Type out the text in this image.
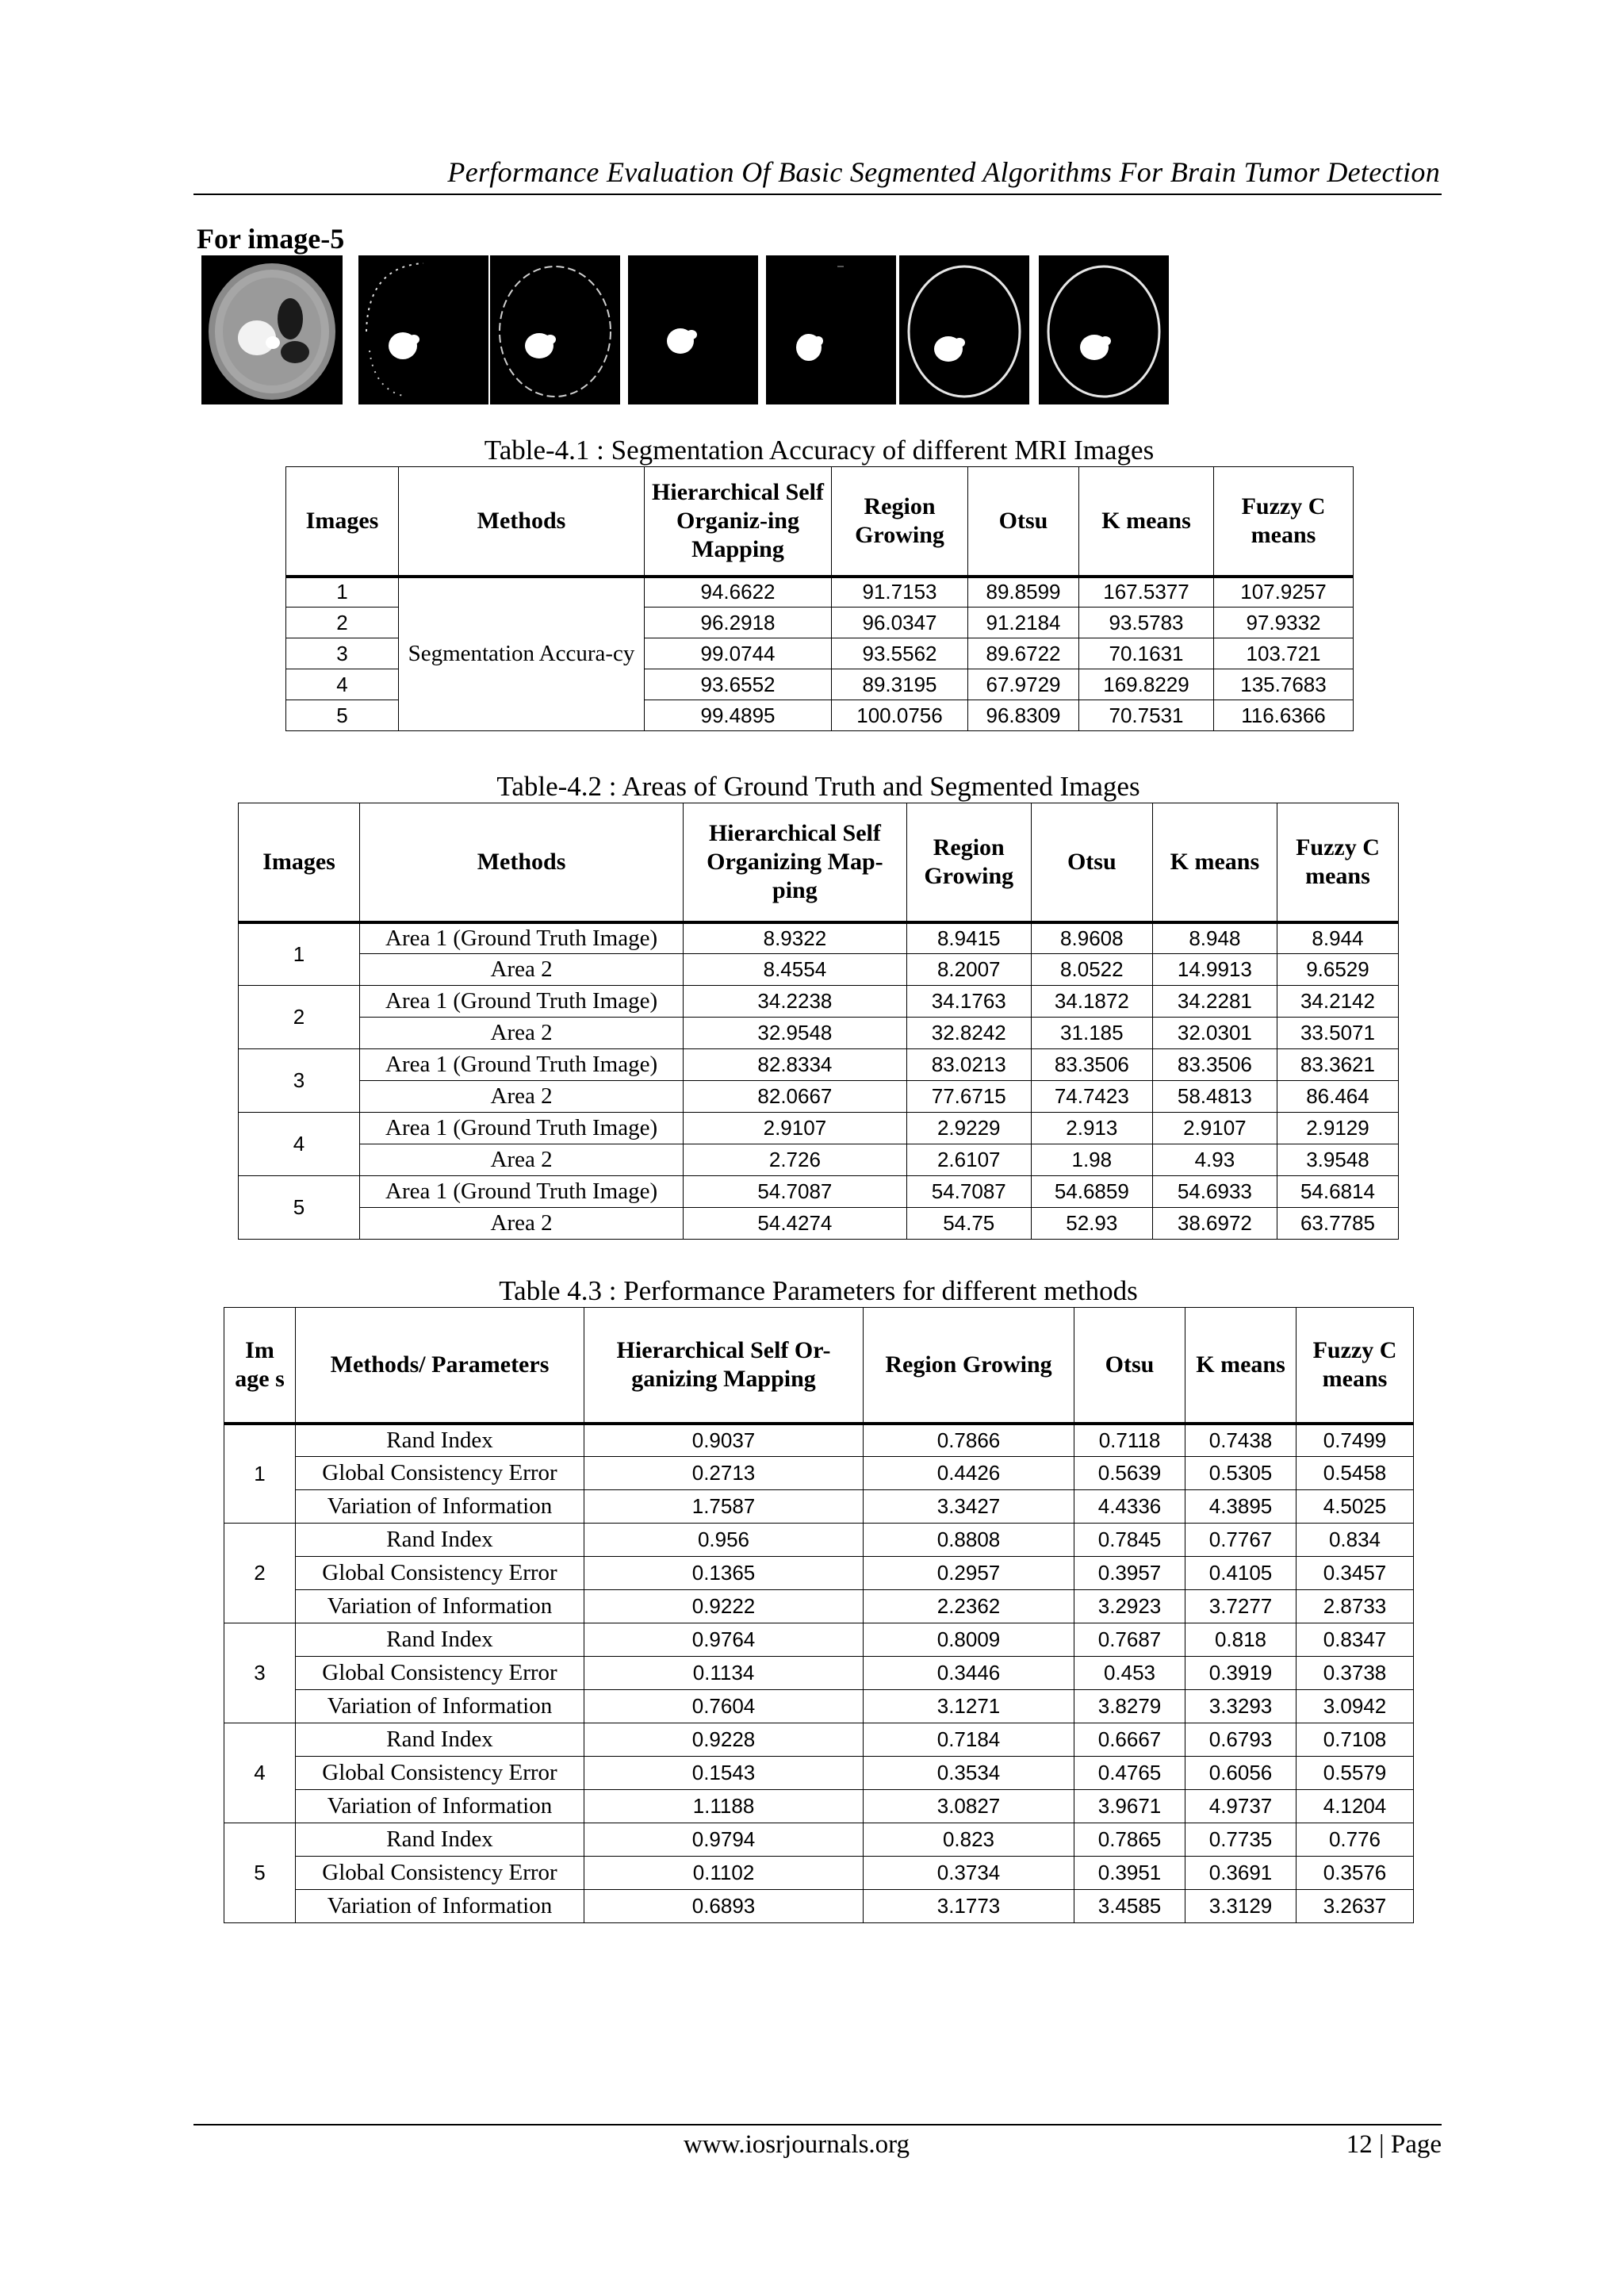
Performance Evaluation Of Basic Segmented Algorithms For Brain Tumor Detection
For image-5
Table-4.1 : Segmentation Accuracy of different MRI Images
Images	Methods	Hierarchical Self Organiz-ing Mapping	Region Growing	Otsu	K means	Fuzzy C means
1	Segmentation Accura-cy	94.6622	91.7153	89.8599	167.5377	107.9257
2		96.2918	96.0347	91.2184	93.5783	97.9332
3		99.0744	93.5562	89.6722	70.1631	103.721
4		93.6552	89.3195	67.9729	169.8229	135.7683
5		99.4895	100.0756	96.8309	70.7531	116.6366
Table-4.2 : Areas of Ground Truth and Segmented Images
Images	Methods	Hierarchical Self Organizing Map-ping	Region Growing	Otsu	K means	Fuzzy C means
1	Area 1 (Ground Truth Image)	8.9322	8.9415	8.9608	8.948	8.944
	Area 2	8.4554	8.2007	8.0522	14.9913	9.6529
2	Area 1 (Ground Truth Image)	34.2238	34.1763	34.1872	34.2281	34.2142
	Area 2	32.9548	32.8242	31.185	32.0301	33.5071
3	Area 1 (Ground Truth Image)	82.8334	83.0213	83.3506	83.3506	83.3621
	Area 2	82.0667	77.6715	74.7423	58.4813	86.464
4	Area 1 (Ground Truth Image)	2.9107	2.9229	2.913	2.9107	2.9129
	Area 2	2.726	2.6107	1.98	4.93	3.9548
5	Area 1 (Ground Truth Image)	54.7087	54.7087	54.6859	54.6933	54.6814
	Area 2	54.4274	54.75	52.93	38.6972	63.7785
Table 4.3 : Performance Parameters for different methods
Im age s	Methods/ Parameters	Hierarchical Self Or-ganizing Mapping	Region Growing	Otsu	K means	Fuzzy C means
1	Rand Index	0.9037	0.7866	0.7118	0.7438	0.7499
	Global Consistency Error	0.2713	0.4426	0.5639	0.5305	0.5458
	Variation of Information	1.7587	3.3427	4.4336	4.3895	4.5025
2	Rand Index	0.956	0.8808	0.7845	0.7767	0.834
	Global Consistency Error	0.1365	0.2957	0.3957	0.4105	0.3457
	Variation of Information	0.9222	2.2362	3.2923	3.7277	2.8733
3	Rand Index	0.9764	0.8009	0.7687	0.818	0.8347
	Global Consistency Error	0.1134	0.3446	0.453	0.3919	0.3738
	Variation of Information	0.7604	3.1271	3.8279	3.3293	3.0942
4	Rand Index	0.9228	0.7184	0.6667	0.6793	0.7108
	Global Consistency Error	0.1543	0.3534	0.4765	0.6056	0.5579
	Variation of Information	1.1188	3.0827	3.9671	4.9737	4.1204
5	Rand Index	0.9794	0.823	0.7865	0.7735	0.776
	Global Consistency Error	0.1102	0.3734	0.3951	0.3691	0.3576
	Variation of Information	0.6893	3.1773	3.4585	3.3129	3.2637
www.iosrjournals.org	12 | Page
